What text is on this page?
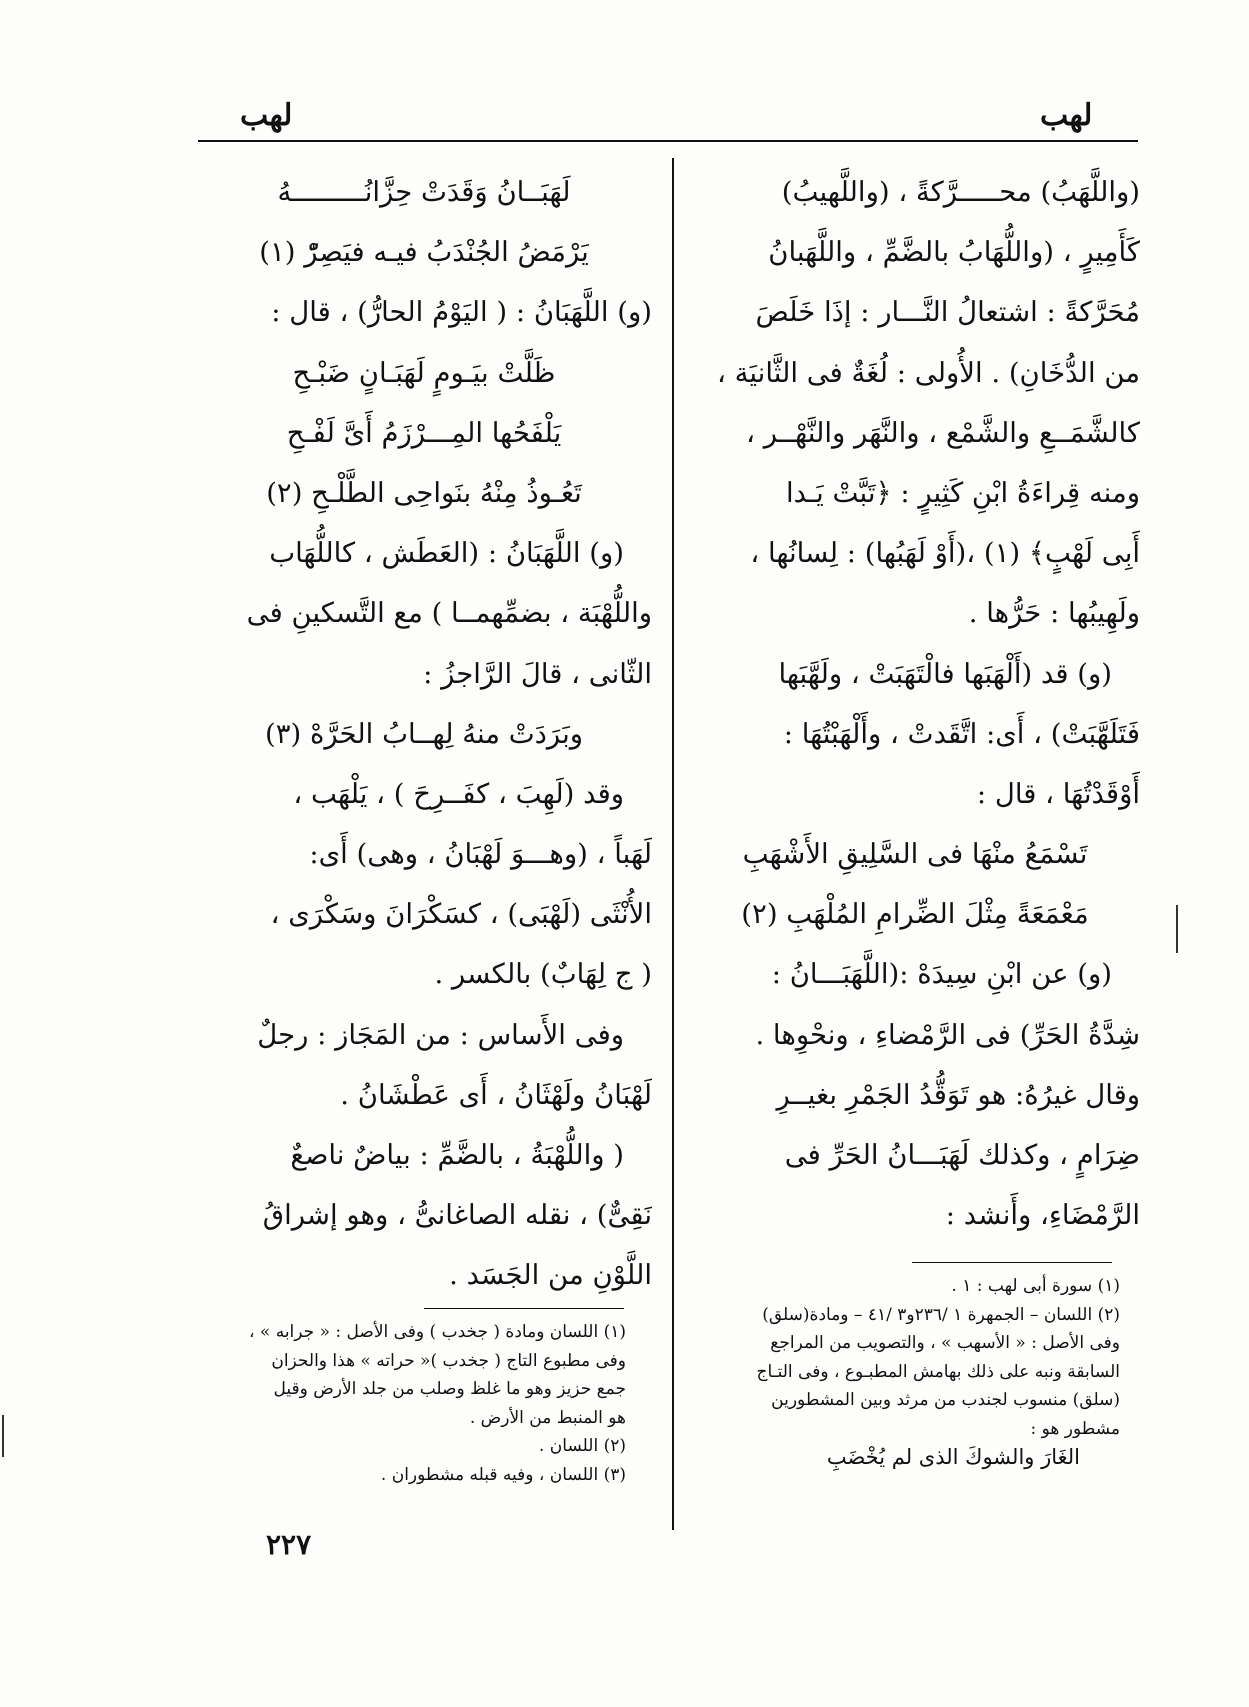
لهب
لهب
(واللَّهَبُ) محـــــرَّكةً ، (واللَّهيبُ)
كَأَمِيرٍ ، (واللُّهَابُ بالضَّمِّ ، واللَّهَبانُ
مُحَرَّكةً : اشتعالُ النَّـــار : إذَا خَلَصَ
من الدُّخَانِ) . الأُولى : لُغَةٌ فى الثَّانيَة ،
كالشَّمَــعِ والشَّمْع ، والنَّهَر والنَّهْــر ،
ومنه قِراءَةُ ابْنِ كَثِيرٍ : ﴿تَبَّتْ يَـدا
أَبِى لَهْبٍ﴾ (١) ،(أَوْ لَهَبُها) : لِسانُها ،
ولَهِيبُها : حَرُّها .
(و) قد (أَلْهَبَها فالْتَهَبَتْ ، ولَهَّبَها
فَتَلَهَّبَتْ) ، أَى: اتَّقَدتْ ، وأَلْهَبْتُهَا :
أَوْقَدْتُهَا ، قال :
تَسْمَعُ منْهَا فى السَّلِيقِ الأَشْهَبِ
مَعْمَعَةً مِثْلَ الضِّرامِ المُلْهَبِ (٢)
(و) عن ابْنِ سِيدَهْ :(اللَّهَبَـــانُ :
شِدَّةُ الحَرِّ) فى الرَّمْضاءِ ، ونحْوِها .
وقال غيرُهُ: هو تَوَقُّدُ الجَمْرِ بغيــرِ
ضِرَامٍ ، وكذلك لَهَبَـــانُ الحَرِّ فى
الرَّمْضَاءِ، وأَنشد :
لَهَبَــانُ وَقَدَتْ حِزَّانُـــــــــهُ
يَرْمَضُ الجُنْدَبُ فيـه فيَصِرّْ (١)
(و) اللَّهَبَانُ : ( اليَوْمُ الحارُّ) ، قال :
ظَلَّتْ بيَـومٍ لَهَبَـانٍ ضَبْـحِ
يَلْفَحُها المِـــرْزَمُ أَىَّ لَفْـحِ
تَعُـوذُ مِنْهُ بنَواحِى الطَّلْـحِ (٢)
(و) اللَّهَبَانُ : (العَطَش ، كاللُّهَاب
واللُّهْبَة ، بضمِّهمــا ) مع التَّسكينِ فى
الثّانى ، قالَ الرَّاجزُ :
وبَرَدَتْ منهُ لِهــابُ الحَرَّهْ (٣)
وقد (لَهِبَ ، كفَــرِحَ ) ، يَلْهَب ،
لَهَباً ، (وهـــوَ لَهْبَانُ ، وهى) أَى:
الأُنْثَى (لَهْبَى) ، كسَكْرَانَ وسَكْرَى ،
( ج لِهَابٌ) بالكسر .
وفى الأَساس : من المَجَاز : رجلٌ
لَهْبَانُ ولَهْثَانُ ، أَى عَطْشَانُ .
( واللُّهْبَةُ ، بالضَّمِّ : بياضٌ ناصعٌ
نَقِىٌّ) ، نقله الصاغانىُّ ، وهو إشراقُ
اللَّوْنِ من الجَسَد .	(١) سورة أبى لهب : ١ .
(٢) اللسان – الجمهرة ١ /٢٣٦و٣ /٤١ – ومادة(سلق)
وفى الأصل : « الأسهب » ، والتصويب من المراجع
السابقة ونبه على ذلك بهامش المطبـوع ، وفى التـاج
(سلق) منسوب لجندب من مرثد وبين المشطورين
مشطور هو :
الغَارَ والشوكَ الذى لم يُخْضَبِ
(١) اللسان ومادة ( جخدب ) وفى الأصل : « جرابه » ،
وفى مطبوع التاج ( جخدب )« حراته » هذا والحزان
جمع حزيز وهو ما غلظ وصلب من جلد الأرض وقيل
هو المنبط من الأرض .
(٢) اللسان .
(٣) اللسان ، وفيه قبله مشطوران .
٢٢٧
